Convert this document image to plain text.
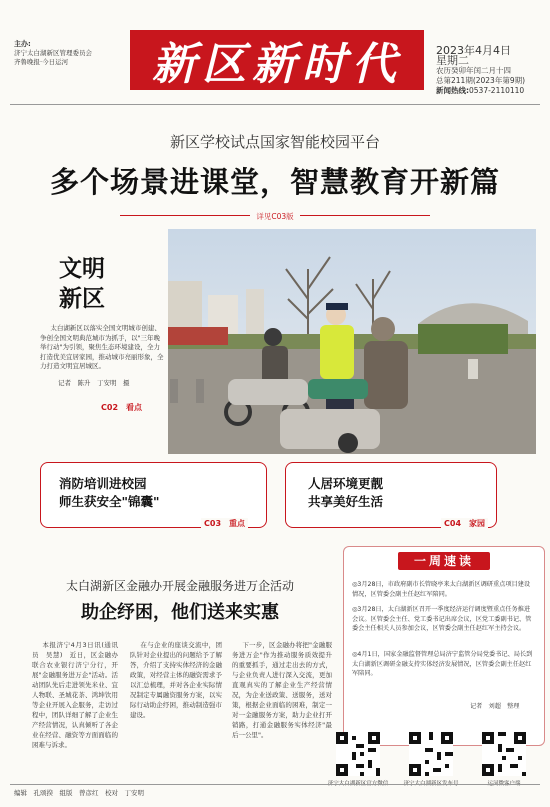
主办:
济宁太白湖新区管理委员会
齐鲁晚报·今日运河	新区新时代	2023年4月4日
星期二
农历癸卯年闰二月十四
总第211期(2023年第9期)
新闻热线:0537-2110110
新区学校试点国家智能校园平台
多个场景进课堂，智慧教育开新篇
详见C03版
文明
新区
太白湖新区以落实全国文明城市创建、争创全国文明典范城市为抓手，以"三年晚举行动"为引领，聚焦生态环境建设，全力打造优美宜居家园，推动城市亮丽形象，全力打造文明宜居城区。
记者　陈升　丁安明　摄
C02　看点
消防培训进校园
师生获安全"锦囊"
C03　重点
人居环境更靓
共享美好生活
C04　家园
太白湖新区金融办开展金融服务进万企活动
助企纾困，他们送来实惠
本报济宁4月3日讯(通讯员　吴慧)　近日，区金融办联合农业银行济宁分行，开展"金融服务进万企"活动。活动团队先后走进领先米业、宜人物联、圣城花茶、鸿坤饮用等企业开展入企服务，走访过程中，团队详细了解了企业生产经营情况，认真倾听了各企业在经营、融资等方面面临的困难与诉求。
在与企业的座谈交流中，团队针对企业提出的问题给予了解答，介绍了支持实体经济的金融政策，对经营主体的融资需求予以汇总梳理，并对各企业实际情况制定专属融资服务方案，以实际行动助企纾困，推动制造强市建设。
下一步，区金融办将把"金融服务进万企"作为推动服务质效提升的重要抓手，通过走出去的方式，与企业负责人进行深入交流，更加直观真实的了解企业生产经营情况，为企业送政策、送服务，送对策，根据企业面临的困难，制定一对一金融服务方案，助力企业打开销路，打通金融服务实体经济"最后一公里"。
一周速读
◎3月28日，市政府副市长管晓亭来太白湖新区调研重点项目建设情况，区管委会副主任赵红军陪同。
◎3月28日，太白湖新区召开一季度经济运行调度暨重点任务推进会议。区管委会主任、党工委书记出席会议，区党工委副书记、管委会主任相关人员参加会议，区管委会副主任赵红军主持会议。
◎4月1日，国家金融监督管理总局济宁监管分局党委书记、局长到太白湖新区调研金融支持实体经济发展情况，区管委会副主任赵红军陪同。
记者　刘超　整理
编辑　孔颂揆　组版　曾彦红　校对　丁安明
